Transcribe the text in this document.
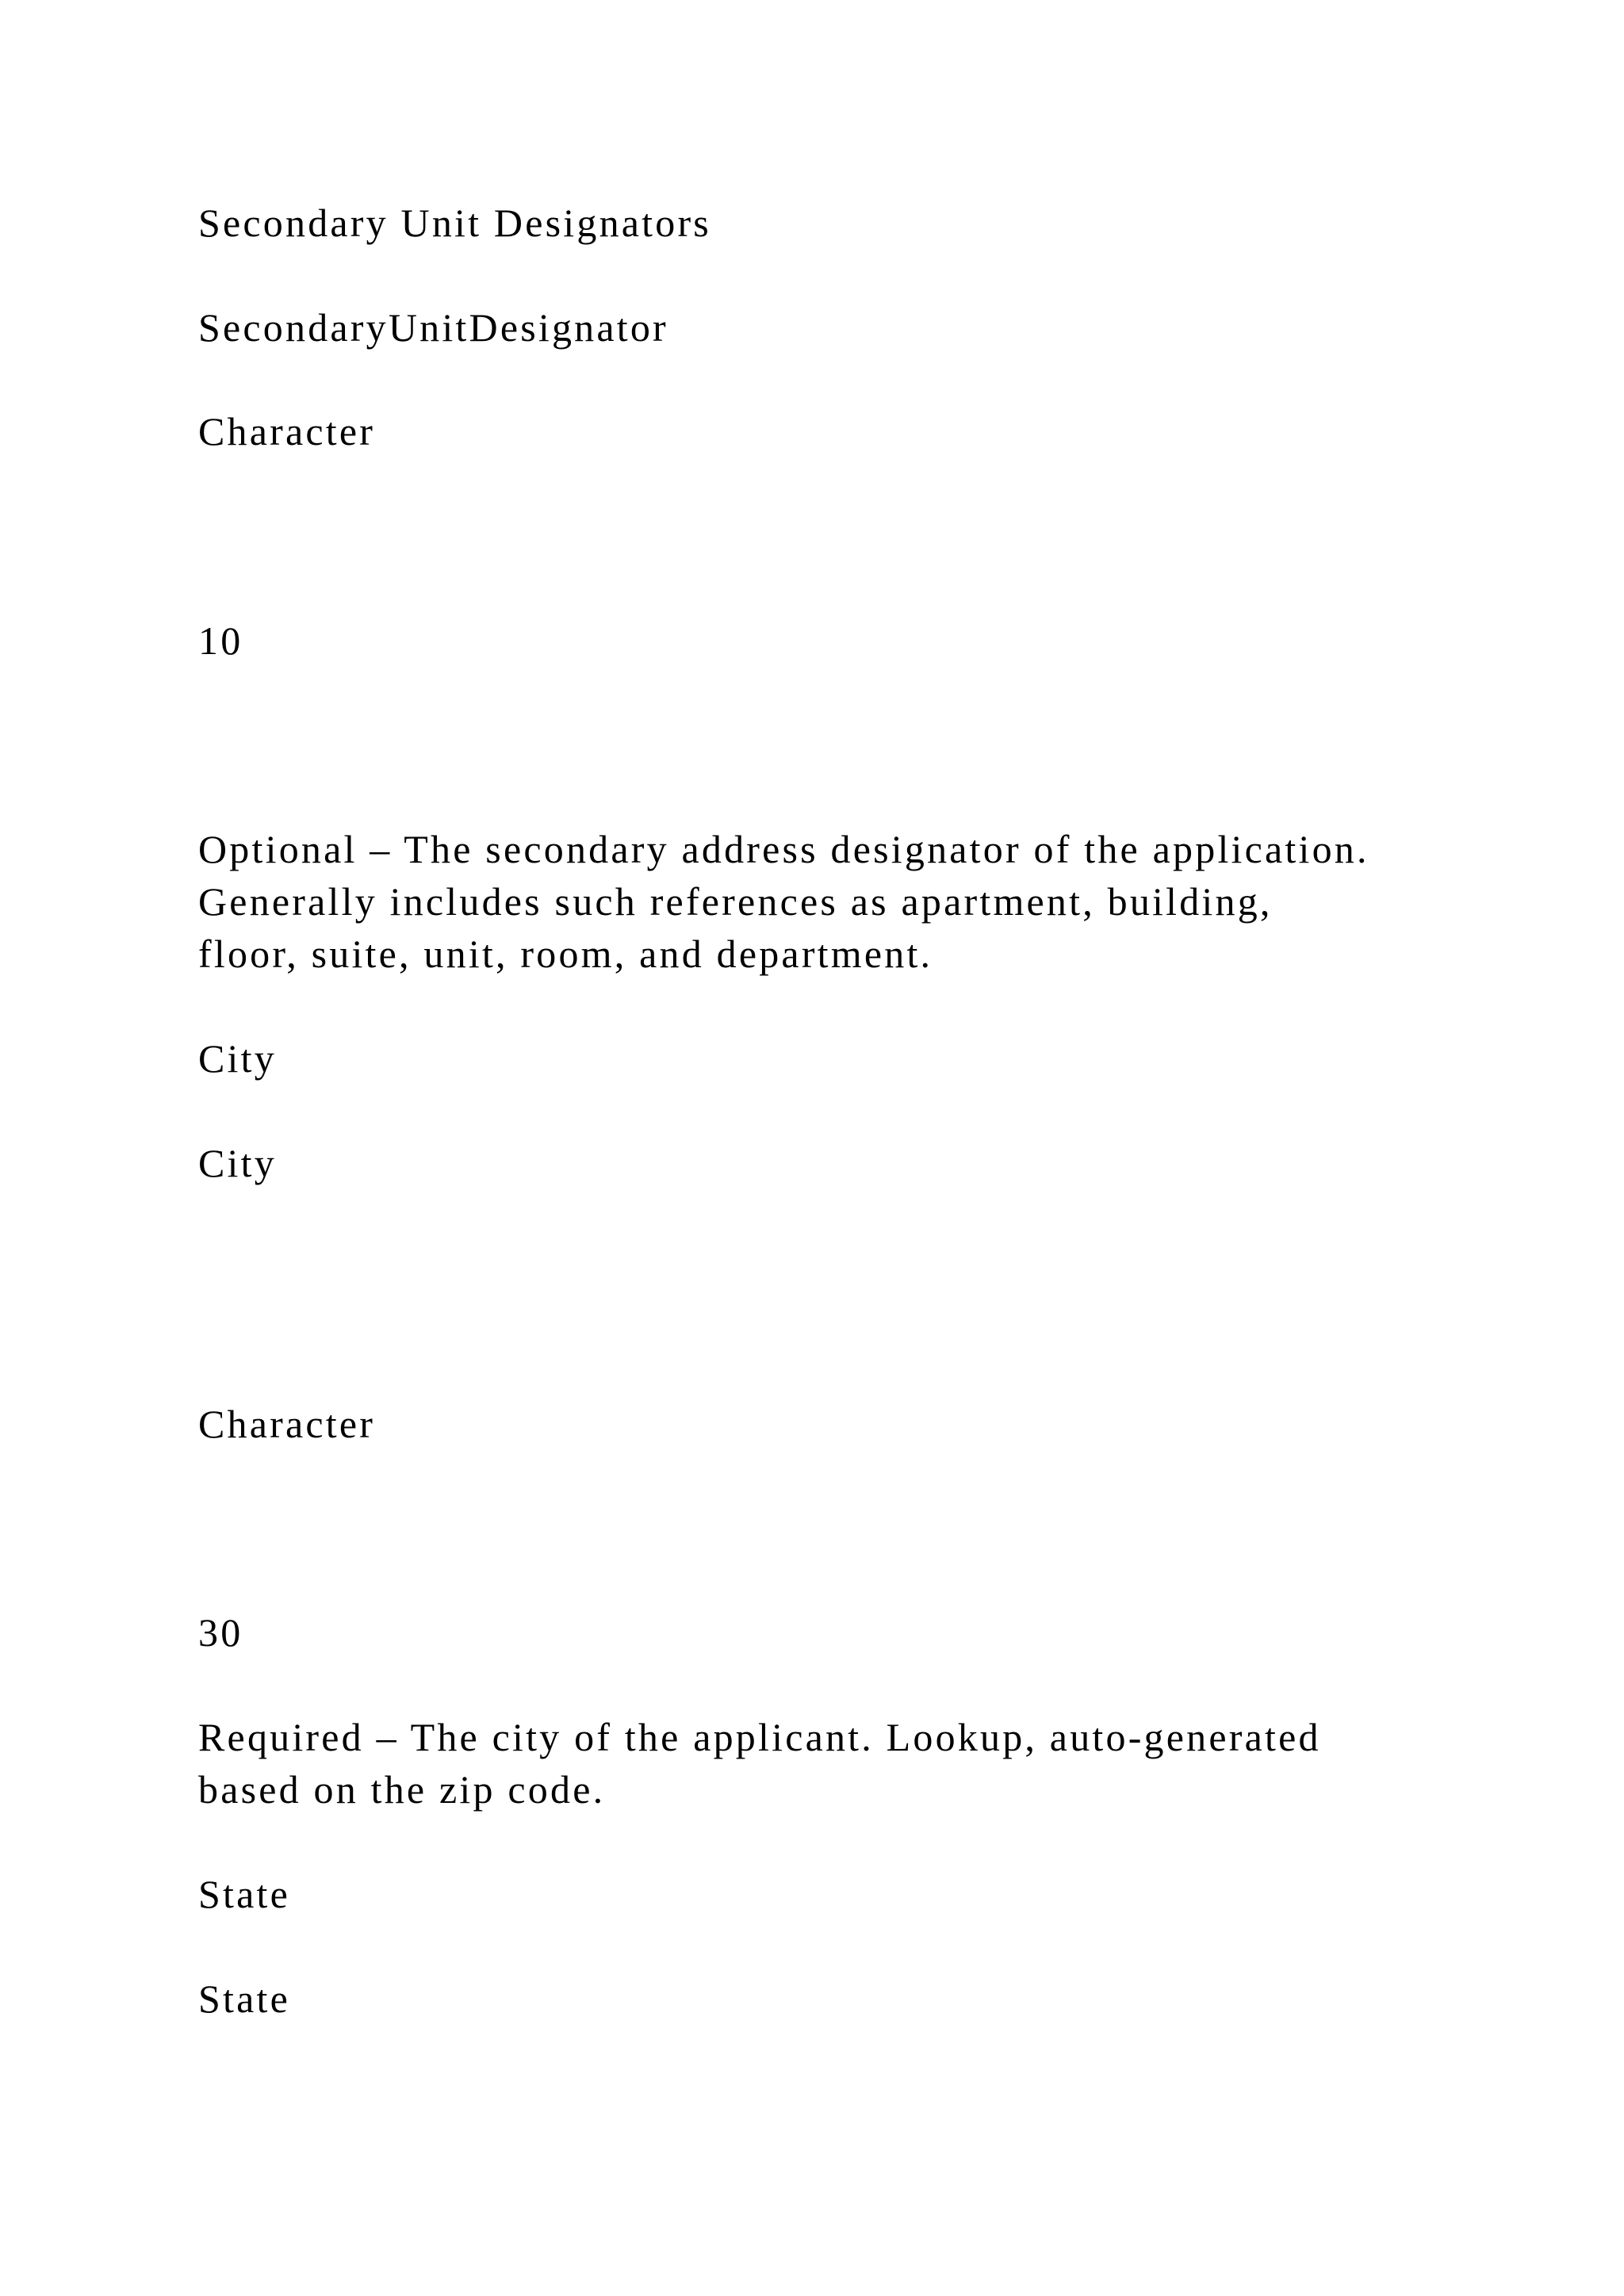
Secondary Unit Designators

SecondaryUnitDesignator

Character

10

Optional – The secondary address designator of the application.
Generally includes such references as apartment, building,
floor, suite, unit, room, and department.

City

City

Character

30

Required – The city of the applicant. Lookup, auto-generated
based on the zip code.

State

State
